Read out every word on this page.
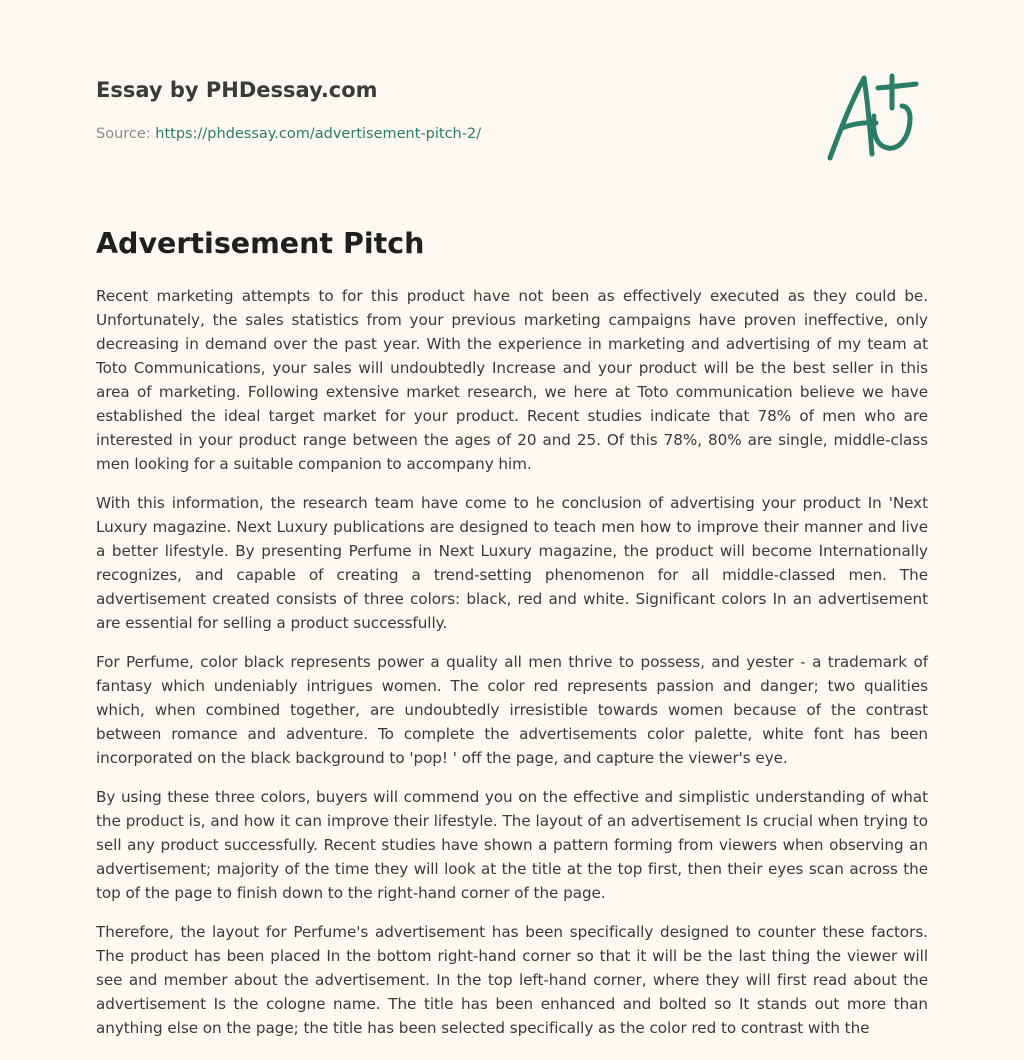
Essay by PHDessay.com
Source: https://phdessay.com/advertisement-pitch-2/
Advertisement Pitch

Recent marketing attempts to for this product have not been as effectively executed as they could be. Unfortunately, the sales statistics from your previous marketing campaigns have proven ineffective, only decreasing in demand over the past year. With the experience in marketing and advertising of my team at Toto Communications, your sales will undoubtedly Increase and your product will be the best seller in this area of marketing. Following extensive market research, we here at Toto communication believe we have established the ideal target market for your product. Recent studies indicate that 78% of men who are interested in your product range between the ages of 20 and 25. Of this 78%, 80% are single, middle-class men looking for a suitable companion to accompany him.

With this information, the research team have come to he conclusion of advertising your product In 'Next Luxury magazine. Next Luxury publications are designed to teach men how to improve their manner and live a better lifestyle. By presenting Perfume in Next Luxury magazine, the product will become Internationally recognizes, and capable of creating a trend-setting phenomenon for all middle-classed men. The advertisement created consists of three colors: black, red and white. Significant colors In an advertisement are essential for selling a product successfully.

For Perfume, color black represents power a quality all men thrive to possess, and yester - a trademark of fantasy which undeniably intrigues women. The color red represents passion and danger; two qualities which, when combined together, are undoubtedly irresistible towards women because of the contrast between romance and adventure. To complete the advertisements color palette, white font has been incorporated on the black background to 'pop! ' off the page, and capture the viewer's eye.

By using these three colors, buyers will commend you on the effective and simplistic understanding of what the product is, and how it can improve their lifestyle. The layout of an advertisement Is crucial when trying to sell any product successfully. Recent studies have shown a pattern forming from viewers when observing an advertisement; majority of the time they will look at the title at the top first, then their eyes scan across the top of the page to finish down to the right-hand corner of the page.

Therefore, the layout for Perfume's advertisement has been specifically designed to counter these factors. The product has been placed In the bottom right-hand corner so that it will be the last thing the viewer will see and member about the advertisement. In the top left-hand corner, where they will first read about the advertisement Is the cologne name. The title has been enhanced and bolted so It stands out more than anything else on the page; the title has been selected specifically as the color red to contrast with the
